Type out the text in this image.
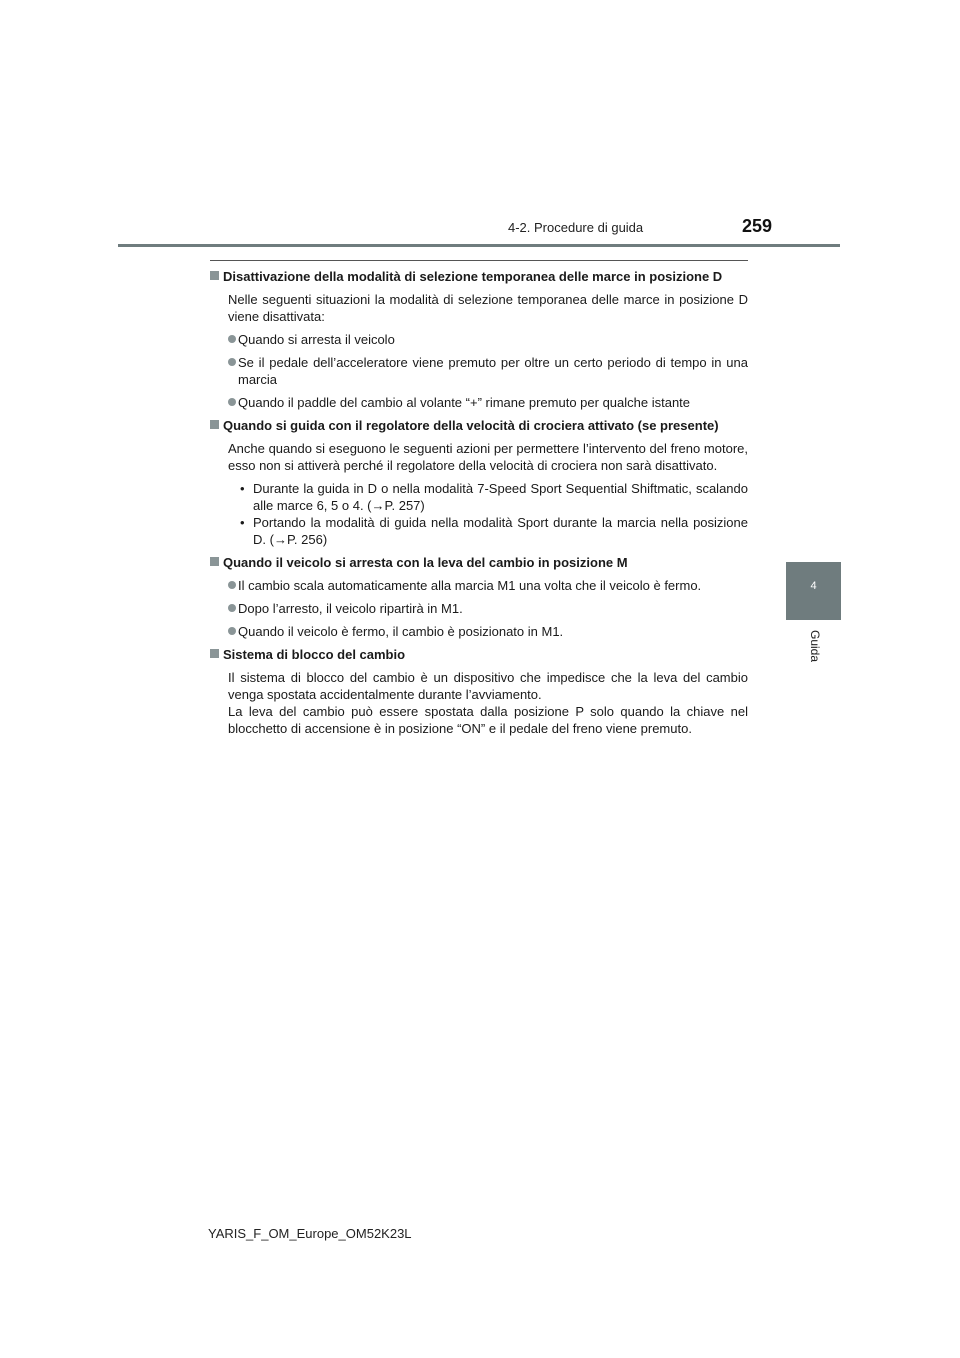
4-2. Procedure di guida	259
4
Guida
Disattivazione della modalità di selezione temporanea delle marce in posizione D

Nelle seguenti situazioni la modalità di selezione temporanea delle marce in posizione D viene disattivata:

Quando si arresta il veicolo
Se il pedale dell’acceleratore viene premuto per oltre un certo periodo di tempo in una marcia
Quando il paddle del cambio al volante “+” rimane premuto per qualche istante
Quando si guida con il regolatore della velocità di crociera attivato (se presente)

Anche quando si eseguono le seguenti azioni per permettere l’intervento del freno motore, esso non si attiverà perché il regolatore della velocità di crociera non sarà disattivato.

• Durante la guida in D o nella modalità 7-Speed Sport Sequential Shiftmatic, scalando alle marce 6, 5 o 4. (→P. 257)
• Portando la modalità di guida nella modalità Sport durante la marcia nella posizione D. (→P. 256)
Quando il veicolo si arresta con la leva del cambio in posizione M
Il cambio scala automaticamente alla marcia M1 una volta che il veicolo è fermo.
Dopo l’arresto, il veicolo ripartirà in M1.
Quando il veicolo è fermo, il cambio è posizionato in M1.
Sistema di blocco del cambio

Il sistema di blocco del cambio è un dispositivo che impedisce che la leva del cambio venga spostata accidentalmente durante l’avviamento.

La leva del cambio può essere spostata dalla posizione P solo quando la chiave nel blocchetto di accensione è in posizione “ON” e il pedale del freno viene premuto.

YARIS_F_OM_Europe_OM52K23L
